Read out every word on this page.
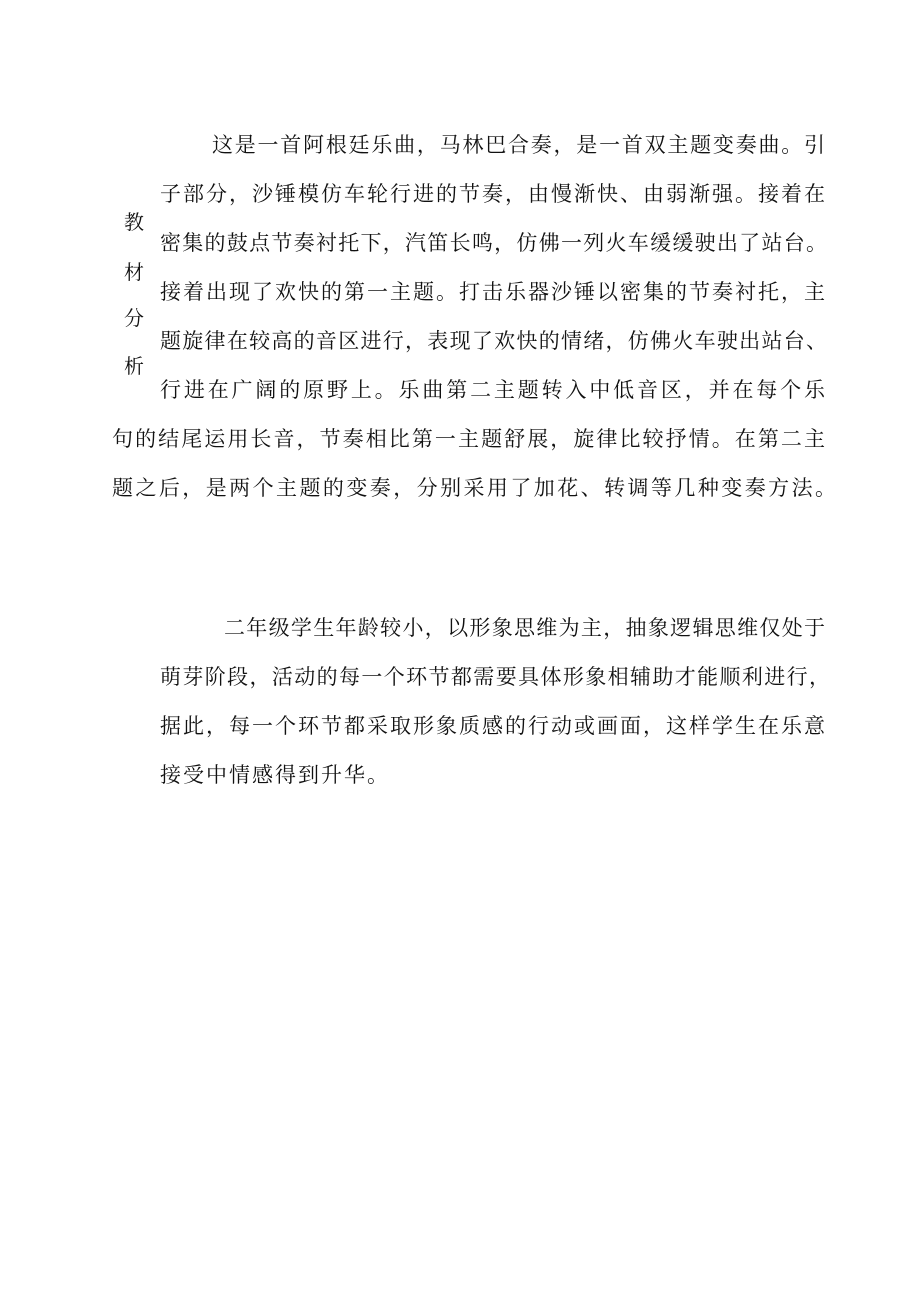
教
材
分
析
这是一首阿根廷乐曲，马林巴合奏，是一首双主题变奏曲。引
子部分，沙锤模仿车轮行进的节奏，由慢渐快、由弱渐强。接着在
密集的鼓点节奏衬托下，汽笛长鸣，仿佛一列火车缓缓驶出了站台。
接着出现了欢快的第一主题。打击乐器沙锤以密集的节奏衬托，主
题旋律在较高的音区进行，表现了欢快的情绪，仿佛火车驶出站台、
行进在广阔的原野上。乐曲第二主题转入中低音区，并在每个乐
句的结尾运用长音，节奏相比第一主题舒展，旋律比较抒情。在第二主
题之后，是两个主题的变奏，分别采用了加花、转调等几种变奏方法。
二年级学生年龄较小，以形象思维为主，抽象逻辑思维仅处于
萌芽阶段，活动的每一个环节都需要具体形象相辅助才能顺利进行，
据此，每一个环节都采取形象质感的行动或画面，这样学生在乐意
接受中情感得到升华。
